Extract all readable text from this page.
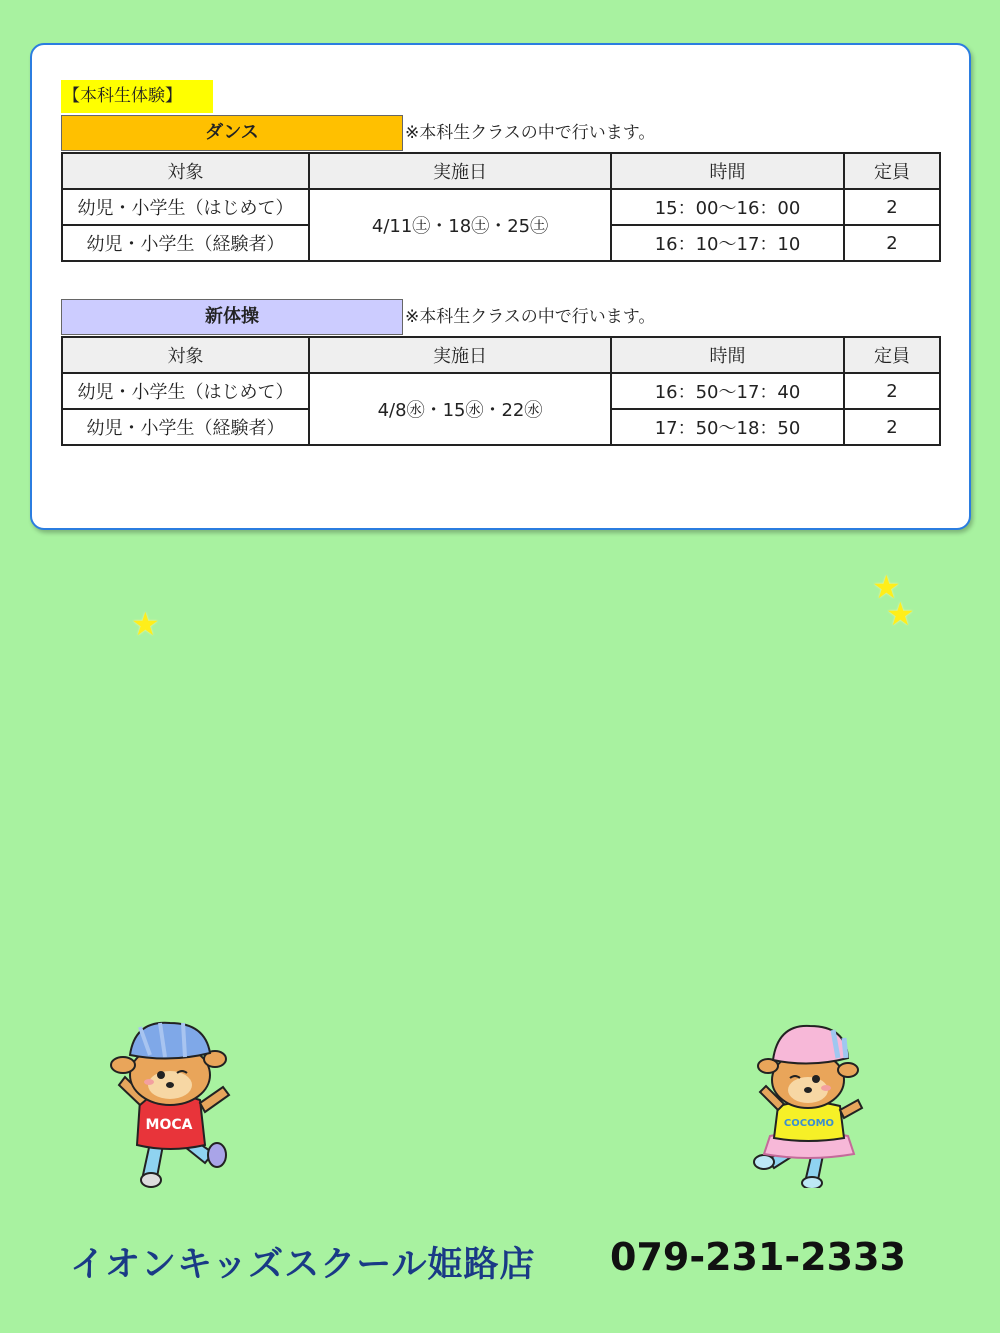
【本科生体験】
ダンス	※本科生クラスの中で行います。
対象	実施日	時間	定員
幼児・小学生（はじめて）	4/11㊏・18㊏・25㊏	15：00～16：00	2
幼児・小学生（経験者）		16：10～17：10	2
新体操	※本科生クラスの中で行います。
対象	実施日	時間	定員
幼児・小学生（はじめて）	4/8㊌・15㊌・22㊌	16：50～17：40	2
幼児・小学生（経験者）		17：50～18：50	2
★
★
★
MOCA	COCOMO
イオンキッズスクール姫路店 079-231-2333
